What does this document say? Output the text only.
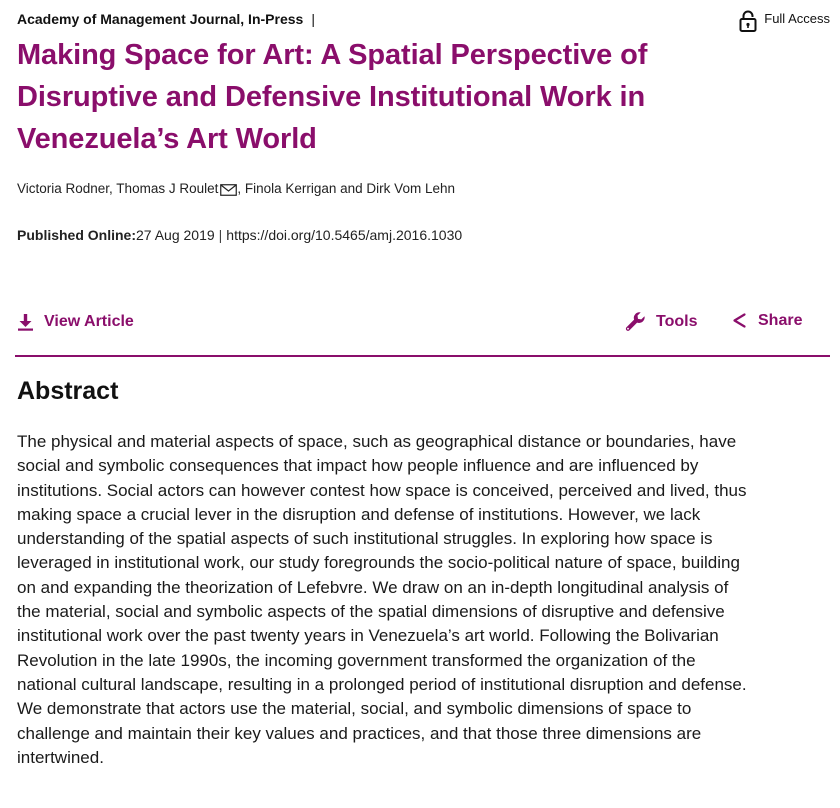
Academy of Management Journal, In-Press |	Full Access
Making Space for Art: A Spatial Perspective of
Disruptive and Defensive Institutional Work in
Venezuela’s Art World
Victoria Rodner, Thomas J Roulet , Finola Kerrigan and Dirk Vom Lehn
Published Online:27 Aug 2019 | https://doi.org/10.5465/amj.2016.1030
View Article	Tools	Share
Abstract

The physical and material aspects of space, such as geographical distance or boundaries, have
social and symbolic consequences that impact how people influence and are influenced by
institutions. Social actors can however contest how space is conceived, perceived and lived, thus
making space a crucial lever in the disruption and defense of institutions. However, we lack
understanding of the spatial aspects of such institutional struggles. In exploring how space is
leveraged in institutional work, our study foregrounds the socio-political nature of space, building
on and expanding the theorization of Lefebvre. We draw on an in-depth longitudinal analysis of
the material, social and symbolic aspects of the spatial dimensions of disruptive and defensive
institutional work over the past twenty years in Venezuela’s art world. Following the Bolivarian
Revolution in the late 1990s, the incoming government transformed the organization of the
national cultural landscape, resulting in a prolonged period of institutional disruption and defense.
We demonstrate that actors use the material, social, and symbolic dimensions of space to
challenge and maintain their key values and practices, and that those three dimensions are
intertwined.
